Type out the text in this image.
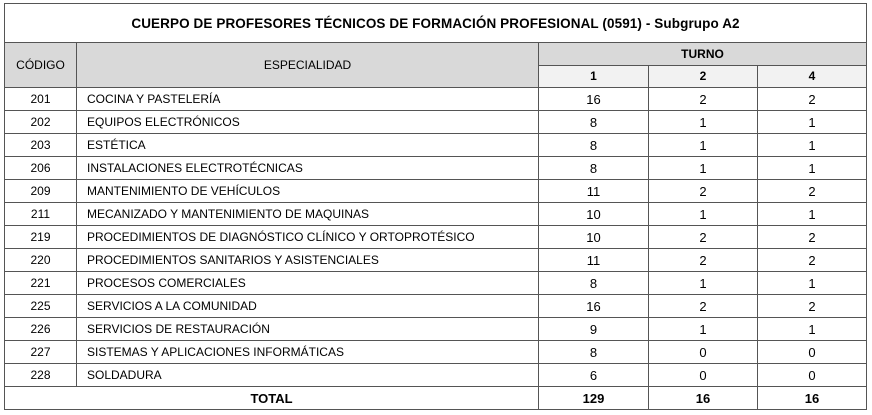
CUERPO DE PROFESORES TÉCNICOS DE FORMACIÓN PROFESIONAL (0591) - Subgrupo A2				
CÓDIGO	ESPECIALIDAD	TURNO		
		1	2	4
201	COCINA Y PASTELERÍA	16	2	2
202	EQUIPOS ELECTRÓNICOS	8	1	1
203	ESTÉTICA	8	1	1
206	INSTALACIONES ELECTROTÉCNICAS	8	1	1
209	MANTENIMIENTO DE VEHÍCULOS	11	2	2
211	MECANIZADO Y MANTENIMIENTO DE MAQUINAS	10	1	1
219	PROCEDIMIENTOS DE DIAGNÓSTICO CLÍNICO Y ORTOPROTÉSICO	10	2	2
220	PROCEDIMIENTOS SANITARIOS Y ASISTENCIALES	11	2	2
221	PROCESOS COMERCIALES	8	1	1
225	SERVICIOS A LA COMUNIDAD	16	2	2
226	SERVICIOS DE RESTAURACIÓN	9	1	1
227	SISTEMAS Y APLICACIONES INFORMÁTICAS	8	0	0
228	SOLDADURA	6	0	0
TOTAL		129	16	16
